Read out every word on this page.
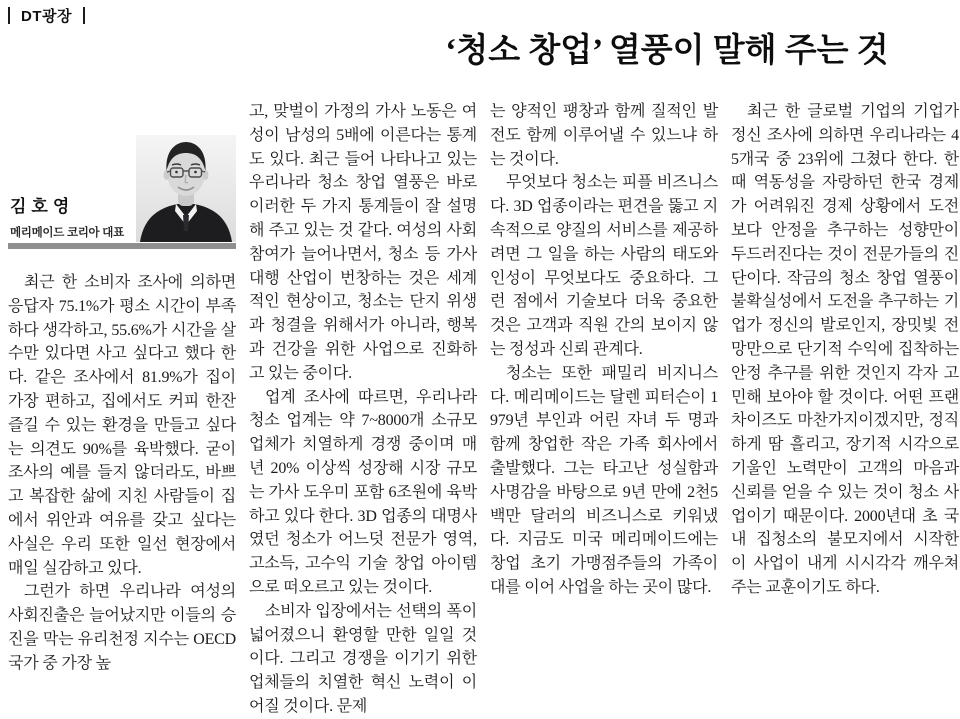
DT광장
‘청소 창업’ 열풍이 말해 주는 것
김호영
메리메이드 코리아 대표

최근 한 소비자 조사에 의하면 응답자 75.1%가 평소 시간이 부족하다 생각하고, 55.6%가 시간을 살 수만 있다면 사고 싶다고 했다 한다. 같은 조사에서 81.9%가 집이 가장 편하고, 집에서도 커피 한잔 즐길 수 있는 환경을 만들고 싶다는 의견도 90%를 육박했다. 굳이 조사의 예를 들지 않더라도, 바쁘고 복잡한 삶에 지친 사람들이 집에서 위안과 여유를 갖고 싶다는 사실은 우리 또한 일선 현장에서 매일 실감하고 있다.

그런가 하면 우리나라 여성의 사회진출은 늘어났지만 이들의 승진을 막는 유리천정 지수는 OECD국가 중 가장 높

고, 맞벌이 가정의 가사 노동은 여성이 남성의 5배에 이른다는 통계도 있다. 최근 들어 나타나고 있는 우리나라 청소 창업 열풍은 바로 이러한 두 가지 통계들이 잘 설명해 주고 있는 것 같다. 여성의 사회 참여가 늘어나면서, 청소 등 가사 대행 산업이 번창하는 것은 세계적인 현상이고, 청소는 단지 위생과 청결을 위해서가 아니라, 행복과 건강을 위한 사업으로 진화하고 있는 중이다.

업계 조사에 따르면, 우리나라 청소 업계는 약 7~8000개 소규모 업체가 치열하게 경쟁 중이며 매년 20% 이상씩 성장해 시장 규모는 가사 도우미 포함 6조원에 육박하고 있다 한다. 3D 업종의 대명사였던 청소가 어느덧 전문가 영역, 고소득, 고수익 기술 창업 아이템으로 떠오르고 있는 것이다.

소비자 입장에서는 선택의 폭이 넓어졌으니 환영할 만한 일일 것이다. 그리고 경쟁을 이기기 위한 업체들의 치열한 혁신 노력이 이어질 것이다. 문제

는 양적인 팽창과 함께 질적인 발전도 함께 이루어낼 수 있느냐 하는 것이다.

무엇보다 청소는 피플 비즈니스다. 3D 업종이라는 편견을 뚫고 지속적으로 양질의 서비스를 제공하려면 그 일을 하는 사람의 태도와 인성이 무엇보다도 중요하다. 그런 점에서 기술보다 더욱 중요한 것은 고객과 직원 간의 보이지 않는 정성과 신뢰 관계다.

청소는 또한 패밀리 비지니스다. 메리메이드는 달렌 피터슨이 1979년 부인과 어린 자녀 두 명과 함께 창업한 작은 가족 회사에서 출발했다. 그는 타고난 성실함과 사명감을 바탕으로 9년 만에 2천5백만 달러의 비즈니스로 키워냈다. 지금도 미국 메리메이드에는 창업 초기 가맹점주들의 가족이 대를 이어 사업을 하는 곳이 많다.

최근 한 글로벌 기업의 기업가 정신 조사에 의하면 우리나라는 45개국 중 23위에 그쳤다 한다. 한때 역동성을 자랑하던 한국 경제가 어려워진 경제 상황에서 도전보다 안정을 추구하는 성향만이 두드러진다는 것이 전문가들의 진단이다. 작금의 청소 창업 열풍이 불확실성에서 도전을 추구하는 기업가 정신의 발로인지, 장밋빛 전망만으로 단기적 수익에 집착하는 안정 추구를 위한 것인지 각자 고민해 보아야 할 것이다. 어떤 프랜차이즈도 마찬가지이겠지만, 정직하게 땀 흘리고, 장기적 시각으로 기울인 노력만이 고객의 마음과 신뢰를 얻을 수 있는 것이 청소 사업이기 때문이다. 2000년대 초 국내 집청소의 불모지에서 시작한 이 사업이 내게 시시각각 깨우쳐주는 교훈이기도 하다.
